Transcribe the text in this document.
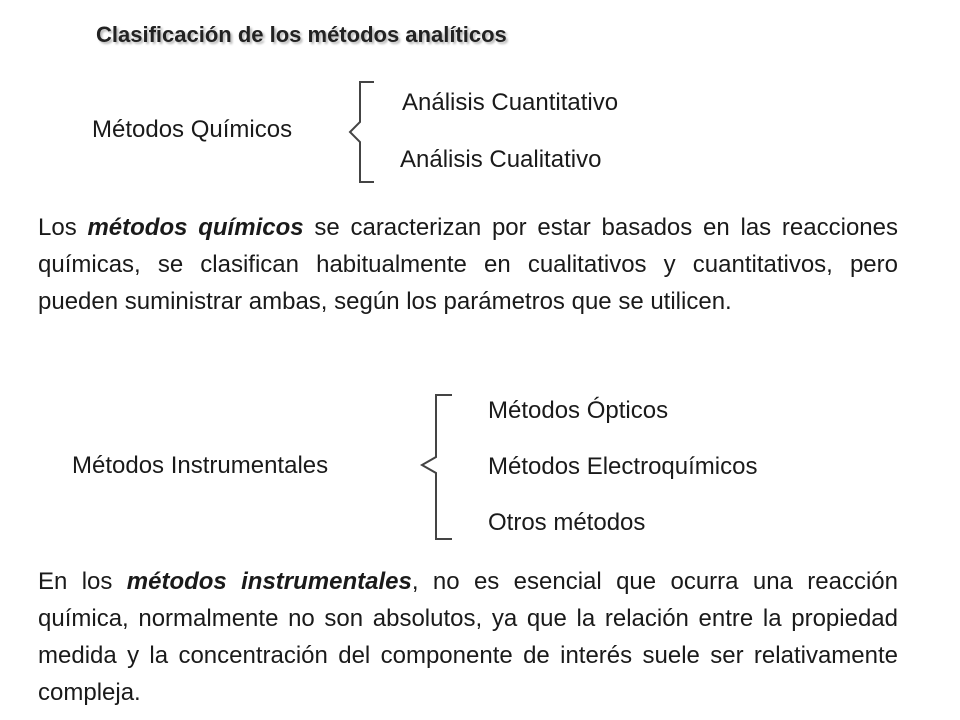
Clasificación de los métodos analíticos
Métodos Químicos
Análisis Cuantitativo
Análisis Cualitativo
Los métodos químicos se caracterizan por estar basados en las reacciones químicas, se clasifican habitualmente en cualitativos y cuantitativos, pero pueden suministrar ambas, según los parámetros que se utilicen.
Métodos Instrumentales
Métodos Ópticos
Métodos Electroquímicos
Otros métodos
En los métodos instrumentales, no es esencial que ocurra una reacción química, normalmente no son absolutos, ya que la relación entre la propiedad medida y la concentración del componente de interés suele ser relativamente compleja.
